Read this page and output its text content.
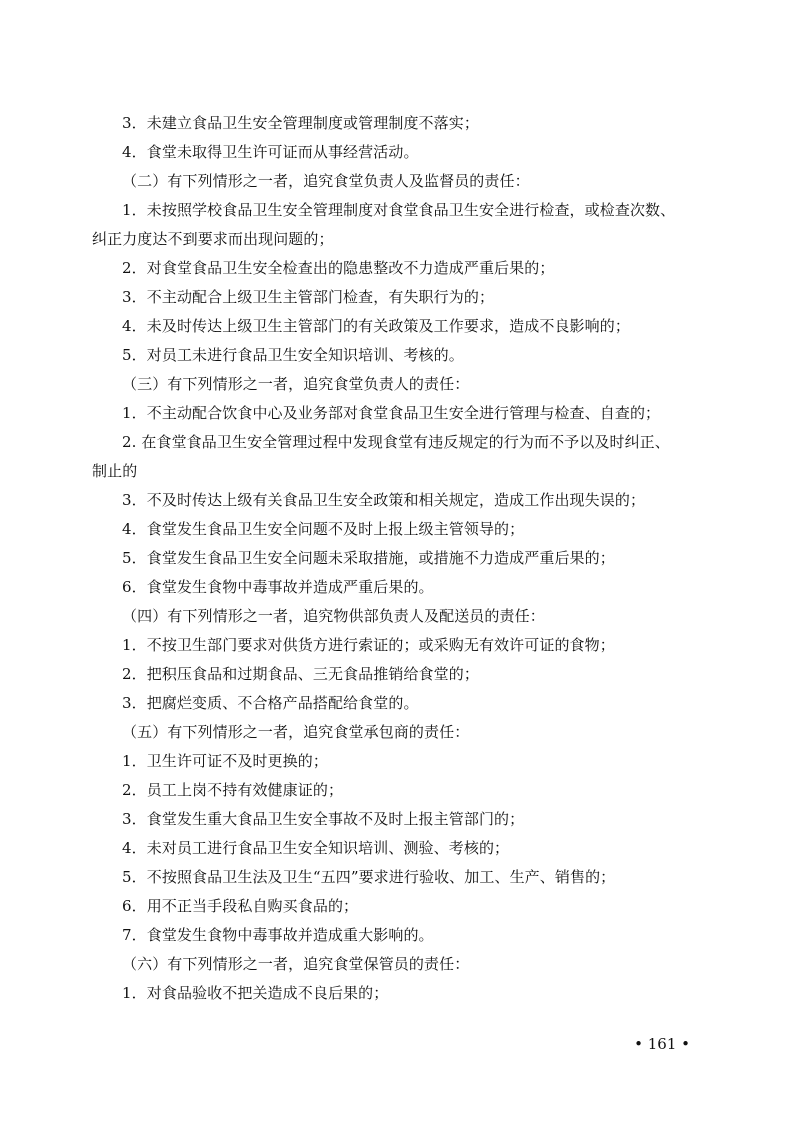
3．未建立食品卫生安全管理制度或管理制度不落实；
4．食堂未取得卫生许可证而从事经营活动。
（二）有下列情形之一者，追究食堂负责人及监督员的责任：
1．未按照学校食品卫生安全管理制度对食堂食品卫生安全进行检查，或检查次数、
纠正力度达不到要求而出现问题的；
2．对食堂食品卫生安全检查出的隐患整改不力造成严重后果的；
3．不主动配合上级卫生主管部门检查，有失职行为的；
4．未及时传达上级卫生主管部门的有关政策及工作要求，造成不良影响的；
5．对员工未进行食品卫生安全知识培训、考核的。
（三）有下列情形之一者，追究食堂负责人的责任：
1．不主动配合饮食中心及业务部对食堂食品卫生安全进行管理与检查、自查的；
2. 在食堂食品卫生安全管理过程中发现食堂有违反规定的行为而不予以及时纠正、
制止的
3．不及时传达上级有关食品卫生安全政策和相关规定，造成工作出现失误的；
4．食堂发生食品卫生安全问题不及时上报上级主管领导的；
5．食堂发生食品卫生安全问题未采取措施，或措施不力造成严重后果的；
6．食堂发生食物中毒事故并造成严重后果的。
（四）有下列情形之一者，追究物供部负责人及配送员的责任：
1．不按卫生部门要求对供货方进行索证的；或采购无有效许可证的食物；
2．把积压食品和过期食品、三无食品推销给食堂的；
3．把腐烂变质、不合格产品搭配给食堂的。
（五）有下列情形之一者，追究食堂承包商的责任：
1．卫生许可证不及时更换的；
2．员工上岗不持有效健康证的；
3．食堂发生重大食品卫生安全事故不及时上报主管部门的；
4．未对员工进行食品卫生安全知识培训、测验、考核的；
5．不按照食品卫生法及卫生“五四”要求进行验收、加工、生产、销售的；
6．用不正当手段私自购买食品的；
7．食堂发生食物中毒事故并造成重大影响的。
（六）有下列情形之一者，追究食堂保管员的责任：
1．对食品验收不把关造成不良后果的；
• 161 •
